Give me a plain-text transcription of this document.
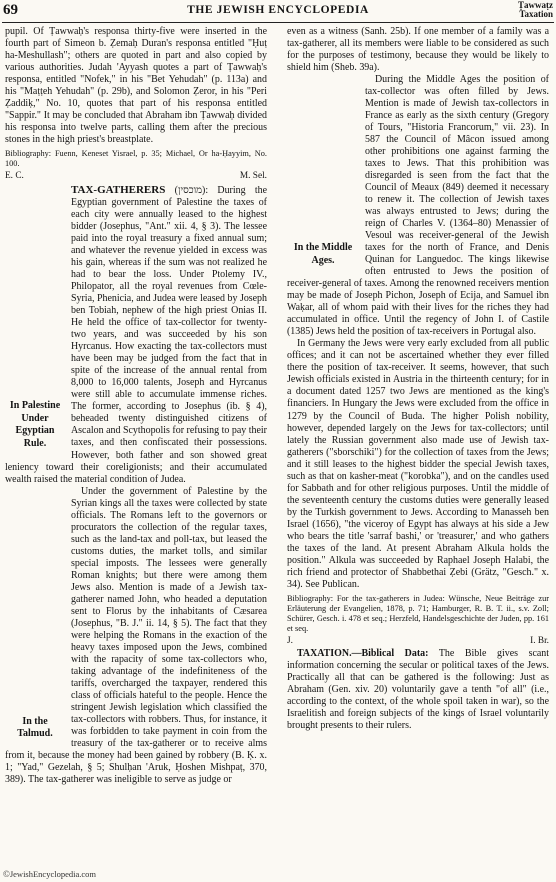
69	THE JEWISH ENCYCLOPEDIA	Ṭawwaṭz
Taxation

pupil. Of Ṭawwaḥ's responsa thirty-five were inserted in the fourth part of Simeon b. Ẓemaḥ Duran's responsa entitled "Ḥuṭ ha-Meshullash"; others are quoted in part and also copied by various authorities. Judah 'Ayyash quotes a part of Ṭawwaḥ's responsa, entitled "Nofek," in his "Bet Yehudah" (p. 113a) and his "Maṭṭeh Yehudah" (p. 29b), and Solomon Ẓeror, in his "Peri Ẓaddiḳ," No. 10, quotes that part of his responsa entitled "Sappir." It may be concluded that Abraham ibn Ṭawwaḥ divided his responsa into twelve parts, calling them after the precious stones in the high priest's breastplate.

Bibliography: Fuenn, Keneset Yisrael, p. 35; Michael, Or ha-Ḥayyim, No. 100.

E. C.	M. Sel.

TAX-GATHERERS (מוכסין):
In Palestine Under Egyptian Rule.
During the Egyptian government of Palestine the taxes of each city were annually leased to the highest bidder (Josephus, "Ant." xii. 4, § 3). The lessee paid into the royal treasury a fixed annual sum; and whatever the revenue yielded in excess was his gain, whereas if the sum was not realized he had to bear the loss. Under Ptolemy IV., Philopator, all the royal revenues from Cœle-Syria, Phenicia, and Judea were leased by Joseph ben Tobiah, nephew of the high priest Onias II. He held the office of tax-collector for twenty-two years, and was succeeded by his son Hyrcanus. How exacting the tax-collectors must have been may be judged from the fact that in spite of the increase of the annual rental from 8,000 to 16,000 talents, Joseph and Hyrcanus were still able to accumulate immense riches. The former, according to Josephus (ib. § 4), beheaded twenty distinguished citizens of Ascalon and Scythopolis for refusing to pay their taxes, and then confiscated their possessions. However, both father and son showed great leniency toward their coreligionists; and their accumulated wealth raised the material condition of Judea.

In the Talmud.
Under the government of Palestine by the Syrian kings all the taxes were collected by state officials. The Romans left to the governors or procurators the collection of the regular taxes, such as the land-tax and poll-tax, but leased the customs duties, the market tolls, and similar special imposts. The lessees were generally Roman knights; but there were among them Jews also. Mention is made of a Jewish tax-gatherer named John, who headed a deputation sent to Florus by the inhabitants of Cæsarea (Josephus, "B. J." ii. 14, § 5). The fact that they were helping the Romans in the exaction of the heavy taxes imposed upon the Jews, combined with the rapacity of some tax-collectors who, taking advantage of the indefiniteness of the tariffs, overcharged the taxpayer, rendered this class of officials hateful to the people. Hence the stringent Jewish legislation which classified the tax-collectors with robbers. Thus, for instance, it was forbidden to take payment in coin from the treasury of the tax-gatherer or to receive alms from it, because the money had been gained by robbery (B. Ḳ. x. 1; "Yad," Gezelah, § 5; Shulḥan 'Aruk, Ḥoshen Mishpaṭ, 370, 389). The tax-gatherer was ineligible to serve as judge or

even as a witness (Sanh. 25b). If one member of a family was a tax-gatherer, all its members were liable to be considered as such for the purposes of testimony, because they would be likely to shield him (Sheb. 39a).

In the Middle Ages.
During the Middle Ages the position of tax-collector was often filled by Jews. Mention is made of Jewish tax-collectors in France as early as the sixth century (Gregory of Tours, "Historia Francorum," vii. 23). In 587 the Council of Mâcon issued among other prohibitions one against farming the taxes to Jews. That this prohibition was disregarded is seen from the fact that the Council of Meaux (849) deemed it necessary to renew it. The collection of Jewish taxes was always entrusted to Jews; during the reign of Charles V. (1364–80) Menassier of Vesoul was receiver-general of the Jewish taxes for the north of France, and Denis Quinan for Languedoc. The kings likewise often entrusted to Jews the position of receiver-general of taxes. Among the renowned receivers mention may be made of Joseph Pichon, Joseph of Ecija, and Samuel ibn Waḳar, all of whom paid with their lives for the riches they had accumulated in office. Until the regency of John I. of Castile (1385) Jews held the position of tax-receivers in Portugal also.

In Germany the Jews were very early excluded from all public offices; and it can not be ascertained whether they ever filled there the position of tax-receiver. It seems, however, that such Jewish officials existed in Austria in the thirteenth century; for in a document dated 1257 two Jews are mentioned as the king's financiers. In Hungary the Jews were excluded from the office in 1279 by the Council of Buda. The higher Polish nobility, however, depended largely on the Jews for tax-collectors; until lately the Russian government also made use of Jewish tax-gatherers ("sborschiki") for the collection of taxes from the Jews; and it still leases to the highest bidder the special Jewish taxes, such as that on kasher-meat ("korobka"), and on the candles used for Sabbath and for other religious purposes. Until the middle of the seventeenth century the customs duties were generally leased by the Turkish government to Jews. According to Manasseh ben Israel (1656), "the viceroy of Egypt has always at his side a Jew who bears the title 'sarraf bashi,' or 'treasurer,' and who gathers the taxes of the land. At present Abraham Alkula holds the position." Alkula was succeeded by Raphael Joseph Halabi, the rich friend and protector of Shabbethai Ẓebi (Grätz, "Gesch." x. 34). See Publican.

Bibliography: For the tax-gatherers in Judea: Wünsche, Neue Beiträge zur Erläuterung der Evangelien, 1878, p. 71; Hamburger, R. B. T. ii., s.v. Zoll; Schürer, Gesch. i. 478 et seq.; Herzfeld, Handelsgeschichte der Juden, pp. 161 et seq.

J.	I. Br.

TAXATION.—Biblical Data: The Bible gives scant information concerning the secular or political taxes of the Jews. Practically all that can be gathered is the following: Just as Abraham (Gen. xiv. 20) voluntarily gave a tenth "of all" (i.e., according to the context, of the whole spoil taken in war), so the Israelitish and foreign subjects of the kings of Israel voluntarily brought presents to their rulers.

©JewishEncyclopedia.com
